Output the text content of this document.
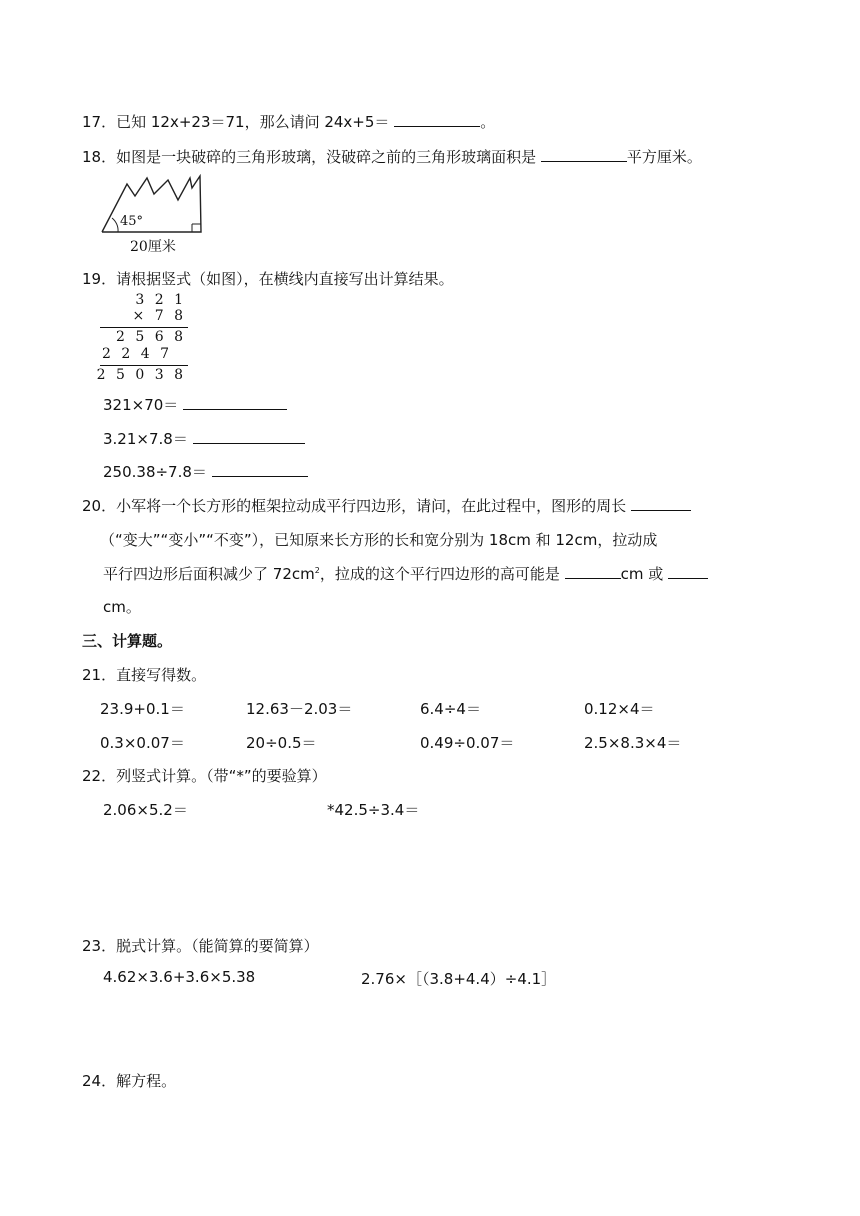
17．已知 12x+23＝71，那么请问 24x+5＝	。
18．如图是一块破碎的三角形玻璃，没破碎之前的三角形玻璃面积是	平方厘米。
45°
20厘米
19．请根据竖式（如图），在横线内直接写出计算结果。
3 2 1
× 7 8
2 5 6 8
2 2 4 7
2 5 0 3 8
321×70＝
3.21×7.8＝
250.38÷7.8＝
20．小军将一个长方形的框架拉动成平行四边形，请问，在此过程中，图形的周长
（“变大”“变小”“不变”），已知原来长方形的长和宽分别为 18cm 和 12cm，拉动成
平行四边形后面积减少了 $72cm^2$，拉成的这个平行四边形的高可能是	cm 或
cm。
三、计算题。
21．直接写得数。
23.9+0.1＝	12.63－2.03＝	6.4÷4＝	0.12×4＝
0.3×0.07＝	20÷0.5＝	0.49÷0.07＝	2.5×8.3×4＝
22．列竖式计算。（带“*”的要验算）
2.06×5.2＝	*42.5÷3.4＝
23．脱式计算。（能简算的要简算）
4.62×3.6+3.6×5.38	2.76×［（3.8+4.4）÷4.1］
24．解方程。
